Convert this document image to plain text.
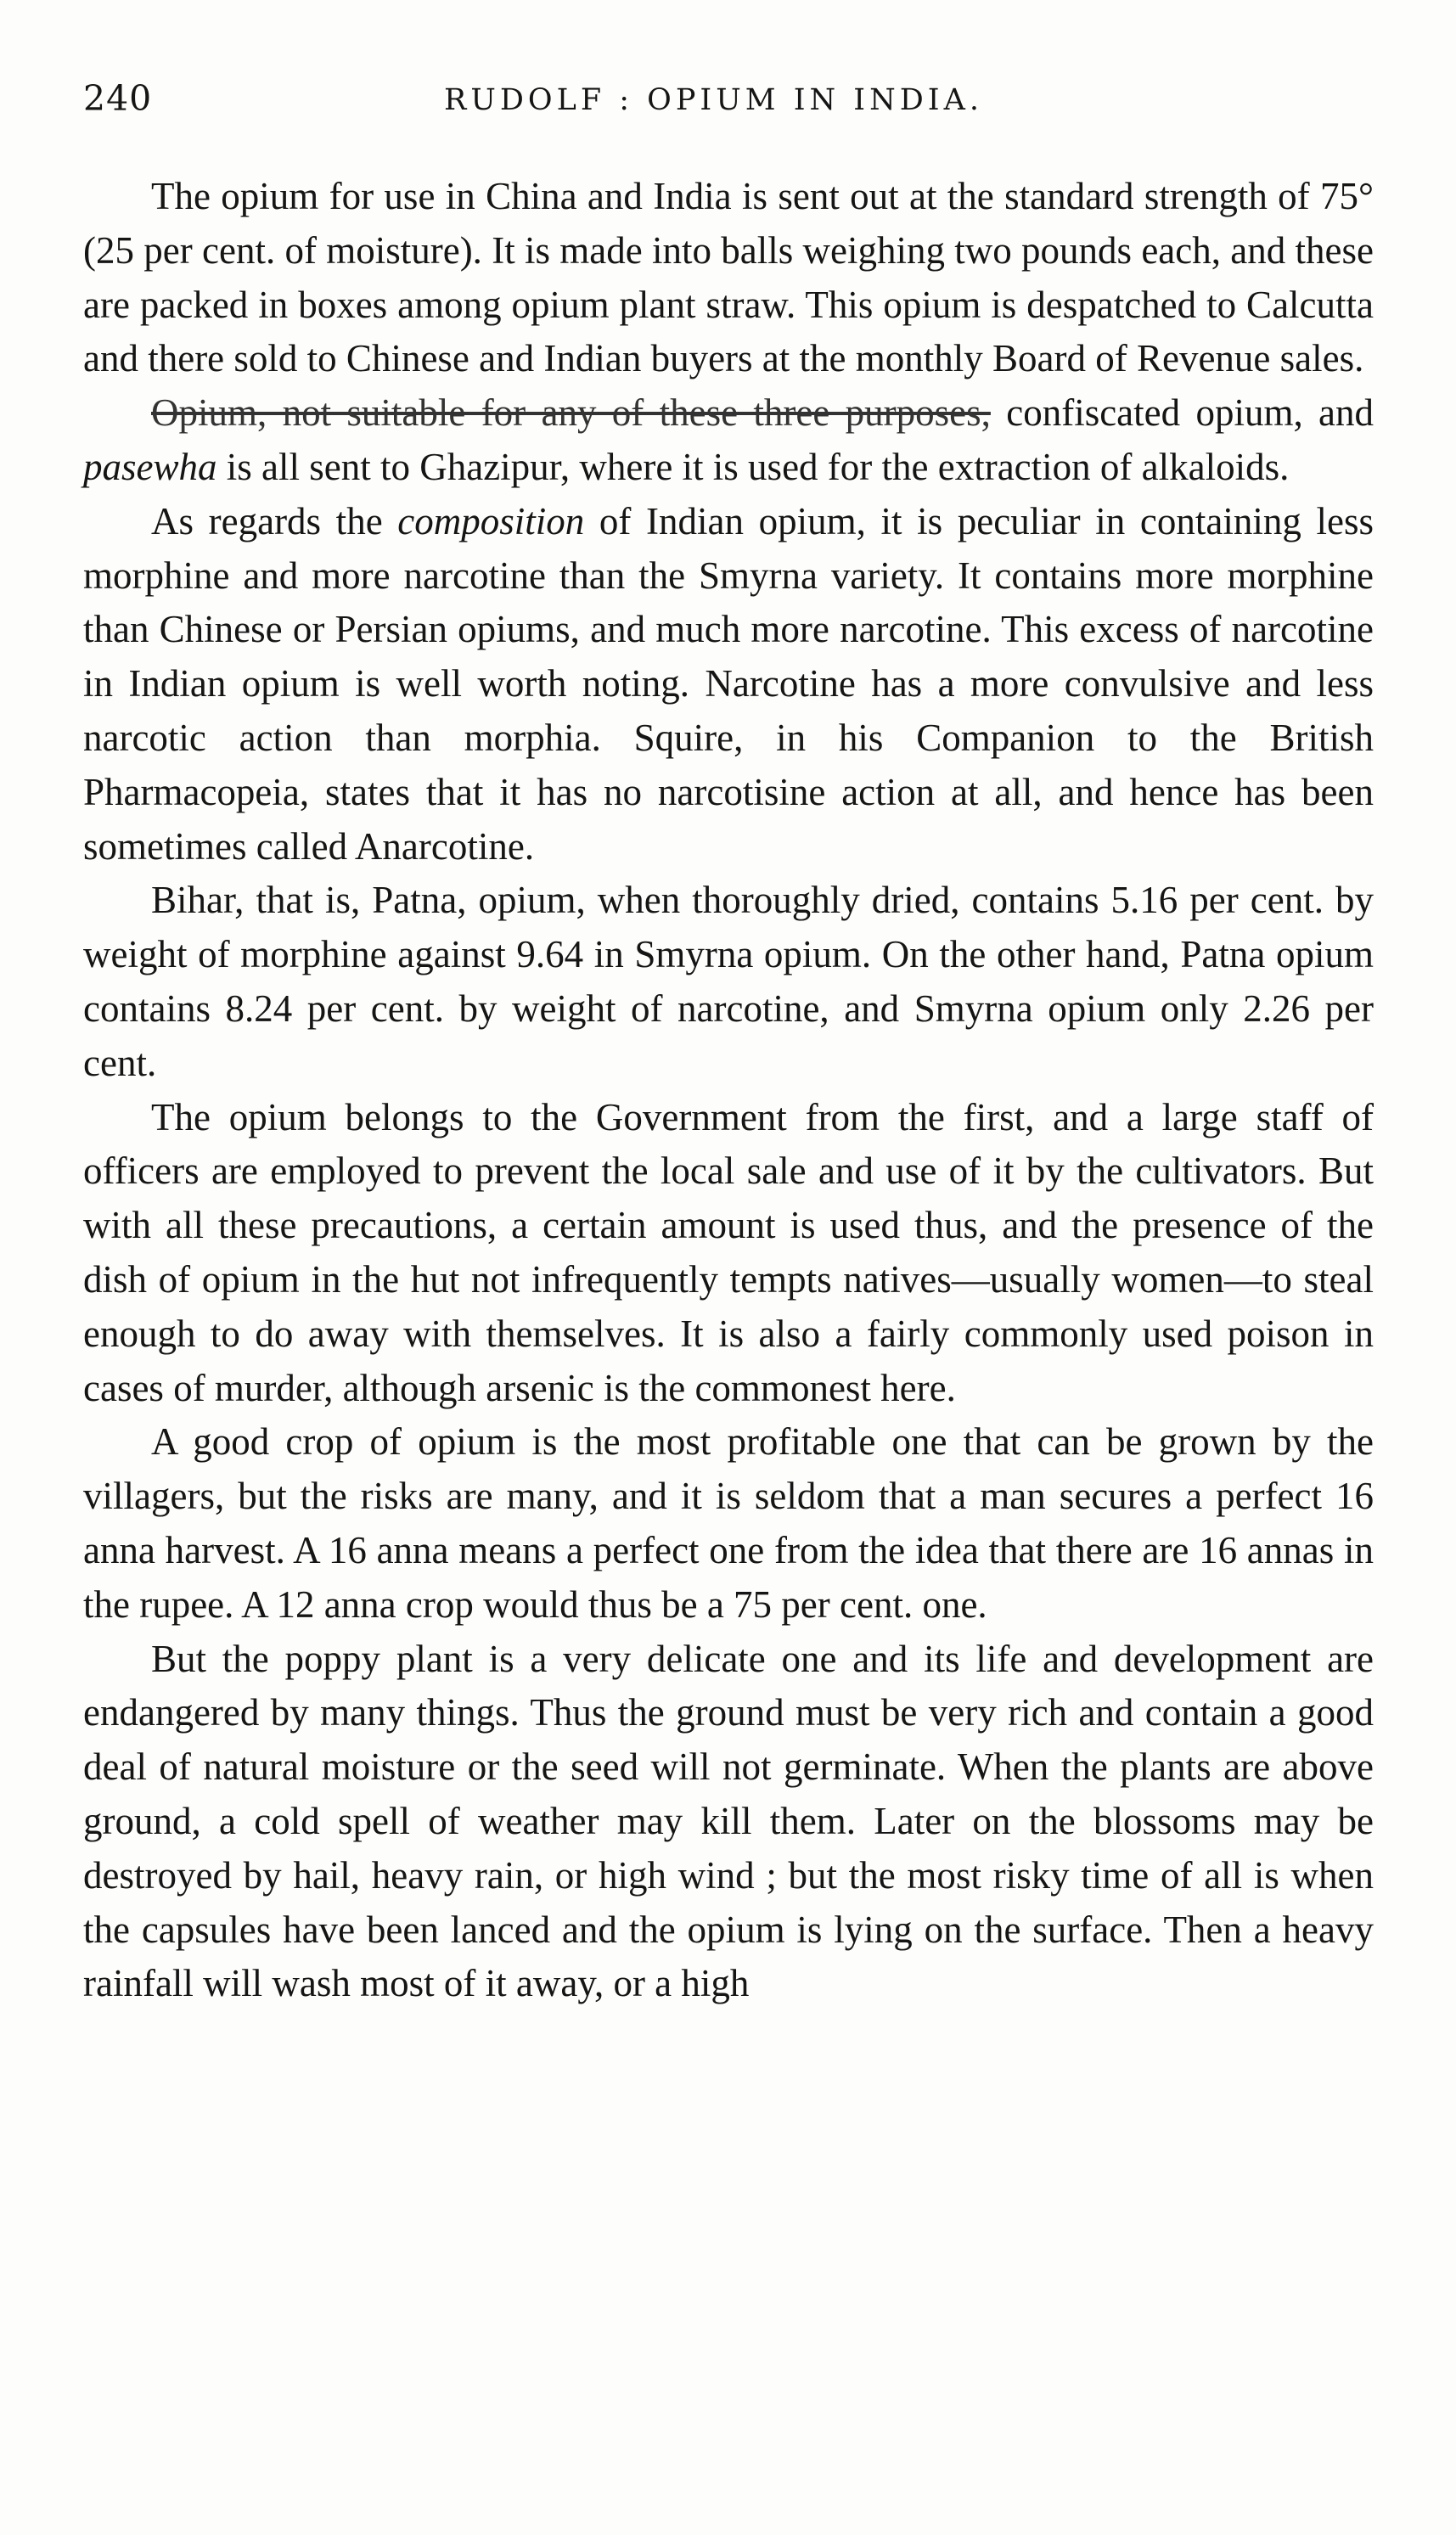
240	RUDOLF : OPIUM IN INDIA.

The opium for use in China and India is sent out at the standard strength of 75° (25 per cent. of moisture). It is made into balls weighing two pounds each, and these are packed in boxes among opium plant straw. This opium is despatched to Calcutta and there sold to Chinese and Indian buyers at the monthly Board of Revenue sales.

Opium, not suitable for any of these three purposes, confiscated opium, and pasewha is all sent to Ghazipur, where it is used for the extraction of alkaloids.

As regards the composition of Indian opium, it is peculiar in containing less morphine and more narcotine than the Smyrna variety. It contains more morphine than Chinese or Persian opiums, and much more narcotine. This excess of narcotine in Indian opium is well worth noting. Narcotine has a more convulsive and less narcotic action than morphia. Squire, in his Companion to the British Pharmacopeia, states that it has no narcotisine action at all, and hence has been sometimes called Anarcotine.

Bihar, that is, Patna, opium, when thoroughly dried, contains 5.16 per cent. by weight of morphine against 9.64 in Smyrna opium. On the other hand, Patna opium contains 8.24 per cent. by weight of narcotine, and Smyrna opium only 2.26 per cent.

The opium belongs to the Government from the first, and a large staff of officers are employed to prevent the local sale and use of it by the cultivators. But with all these precautions, a certain amount is used thus, and the presence of the dish of opium in the hut not infrequently tempts natives—usually women—to steal enough to do away with themselves. It is also a fairly commonly used poison in cases of murder, although arsenic is the commonest here.

A good crop of opium is the most profitable one that can be grown by the villagers, but the risks are many, and it is seldom that a man secures a perfect 16 anna harvest. A 16 anna means a perfect one from the idea that there are 16 annas in the rupee. A 12 anna crop would thus be a 75 per cent. one.

But the poppy plant is a very delicate one and its life and development are endangered by many things. Thus the ground must be very rich and contain a good deal of natural moisture or the seed will not germinate. When the plants are above ground, a cold spell of weather may kill them. Later on the blossoms may be destroyed by hail, heavy rain, or high wind ; but the most risky time of all is when the capsules have been lanced and the opium is lying on the surface. Then a heavy rainfall will wash most of it away, or a high
